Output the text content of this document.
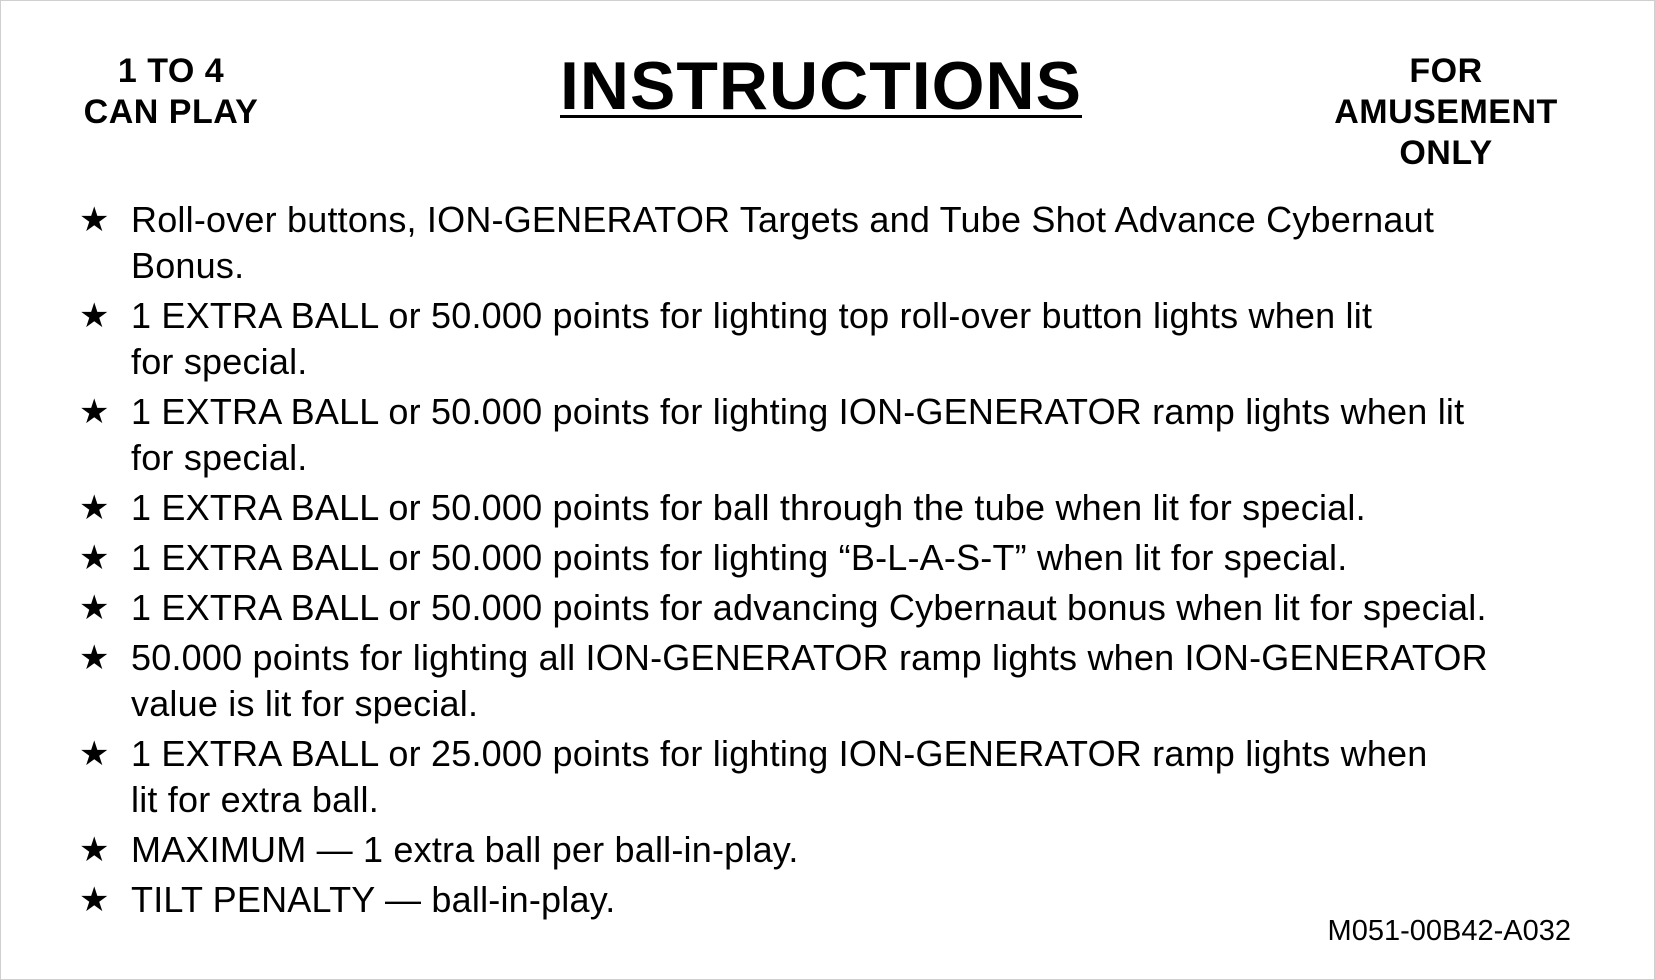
1 TO 4
CAN PLAY	INSTRUCTIONS	FOR
AMUSEMENT
ONLY
★ Roll-over buttons, ION-GENERATOR Targets and Tube Shot Advance Cybernaut
Bonus.
★ 1 EXTRA BALL or 50.000 points for lighting top roll-over button lights when lit
for special.
★ 1 EXTRA BALL or 50.000 points for lighting ION-GENERATOR ramp lights when lit
for special.
★ 1 EXTRA BALL or 50.000 points for ball through the tube when lit for special.
★ 1 EXTRA BALL or 50.000 points for lighting “B-L-A-S-T” when lit for special.
★ 1 EXTRA BALL or 50.000 points for advancing Cybernaut bonus when lit for special.
★ 50.000 points for lighting all ION-GENERATOR ramp lights when ION-GENERATOR
value is lit for special.
★ 1 EXTRA BALL or 25.000 points for lighting ION-GENERATOR ramp lights when
lit for extra ball.
★ MAXIMUM — 1 extra ball per ball-in-play.
★ TILT PENALTY — ball-in-play.
M051-00B42-A032
